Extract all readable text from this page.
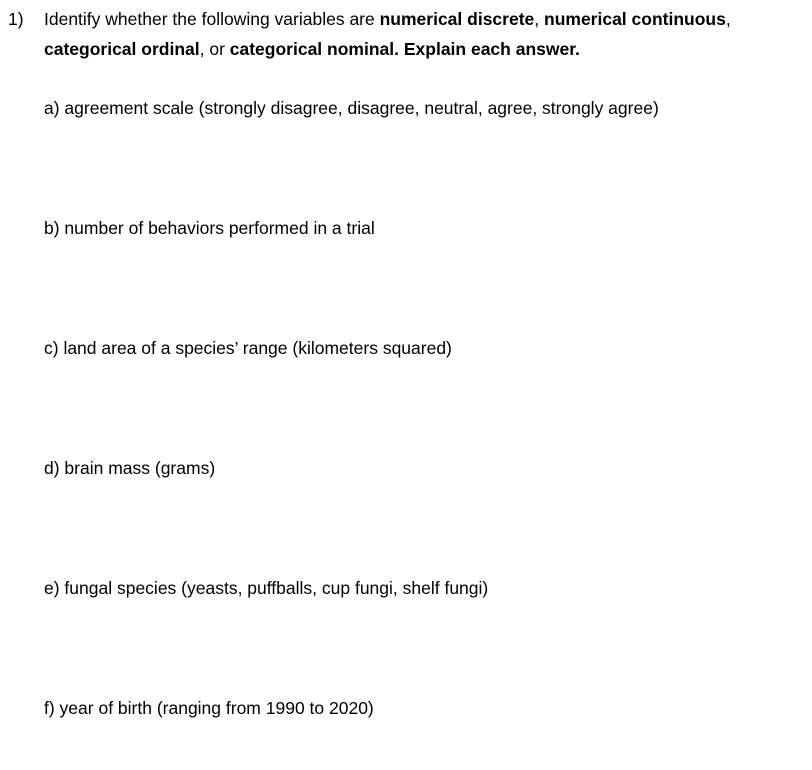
1) Identify whether the following variables are numerical discrete, numerical continuous,
categorical ordinal, or categorical nominal. Explain each answer.
a) agreement scale (strongly disagree, disagree, neutral, agree, strongly agree)
b) number of behaviors performed in a trial
c) land area of a species’ range (kilometers squared)
d) brain mass (grams)
e) fungal species (yeasts, puffballs, cup fungi, shelf fungi)
f) year of birth (ranging from 1990 to 2020)
